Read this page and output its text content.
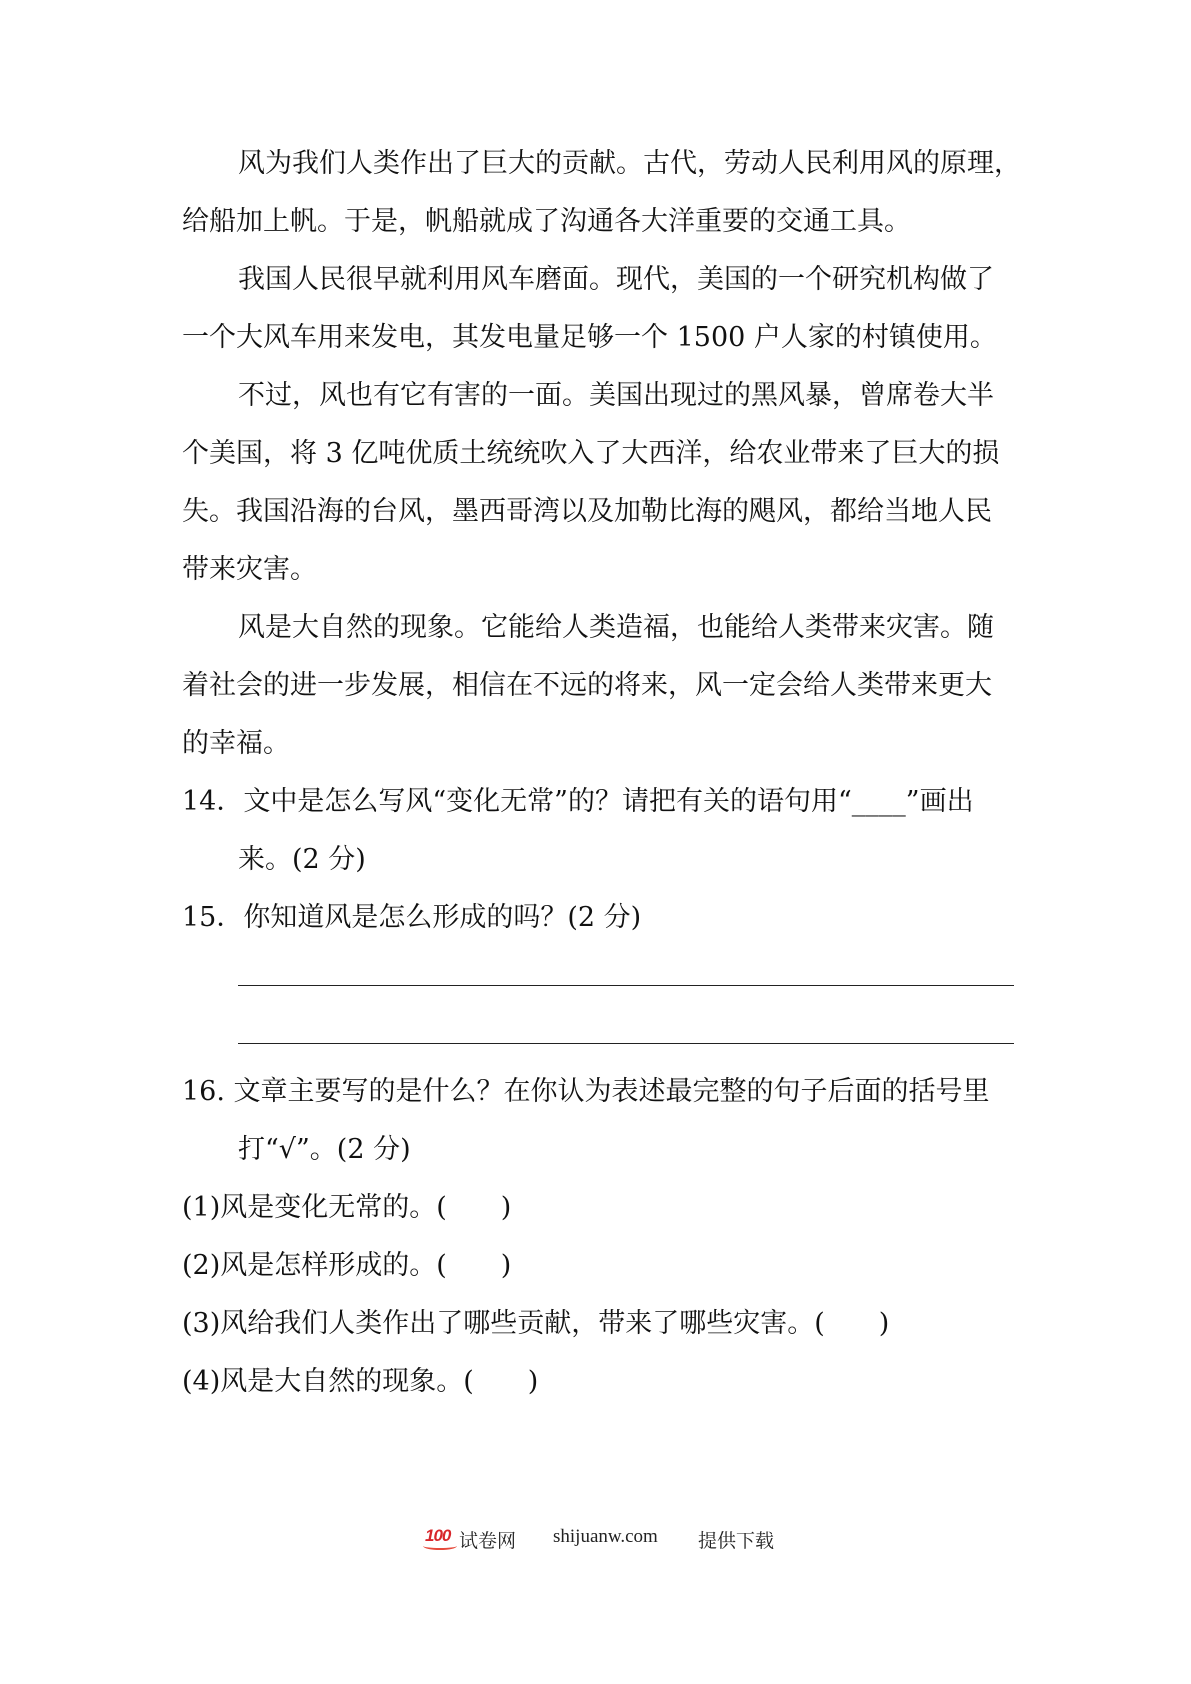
风为我们人类作出了巨大的贡献。古代，劳动人民利用风的原理，

给船加上帆。于是，帆船就成了沟通各大洋重要的交通工具。

我国人民很早就利用风车磨面。现代，美国的一个研究机构做了

一个大风车用来发电，其发电量足够一个 1500 户人家的村镇使用。

不过，风也有它有害的一面。美国出现过的黑风暴，曾席卷大半

个美国，将 3 亿吨优质土统统吹入了大西洋，给农业带来了巨大的损

失。我国沿海的台风，墨西哥湾以及加勒比海的飓风，都给当地人民

带来灾害。

风是大自然的现象。它能给人类造福，也能给人类带来灾害。随

着社会的进一步发展，相信在不远的将来，风一定会给人类带来更大

的幸福。

14．文中是怎么写风“变化无常”的？请把有关的语句用“____”画出

来。(2 分)

15．你知道风是怎么形成的吗？(2 分)

16. 文章主要写的是什么？在你认为表述最完整的句子后面的括号里

打“√”。(2 分)

(1)风是变化无常的。(　　)

(2)风是怎样形成的。(　　)

(3)风给我们人类作出了哪些贡献，带来了哪些灾害。(　　)

(4)风是大自然的现象。(　　)

100 试卷网 shijuanw.com 提供下载
